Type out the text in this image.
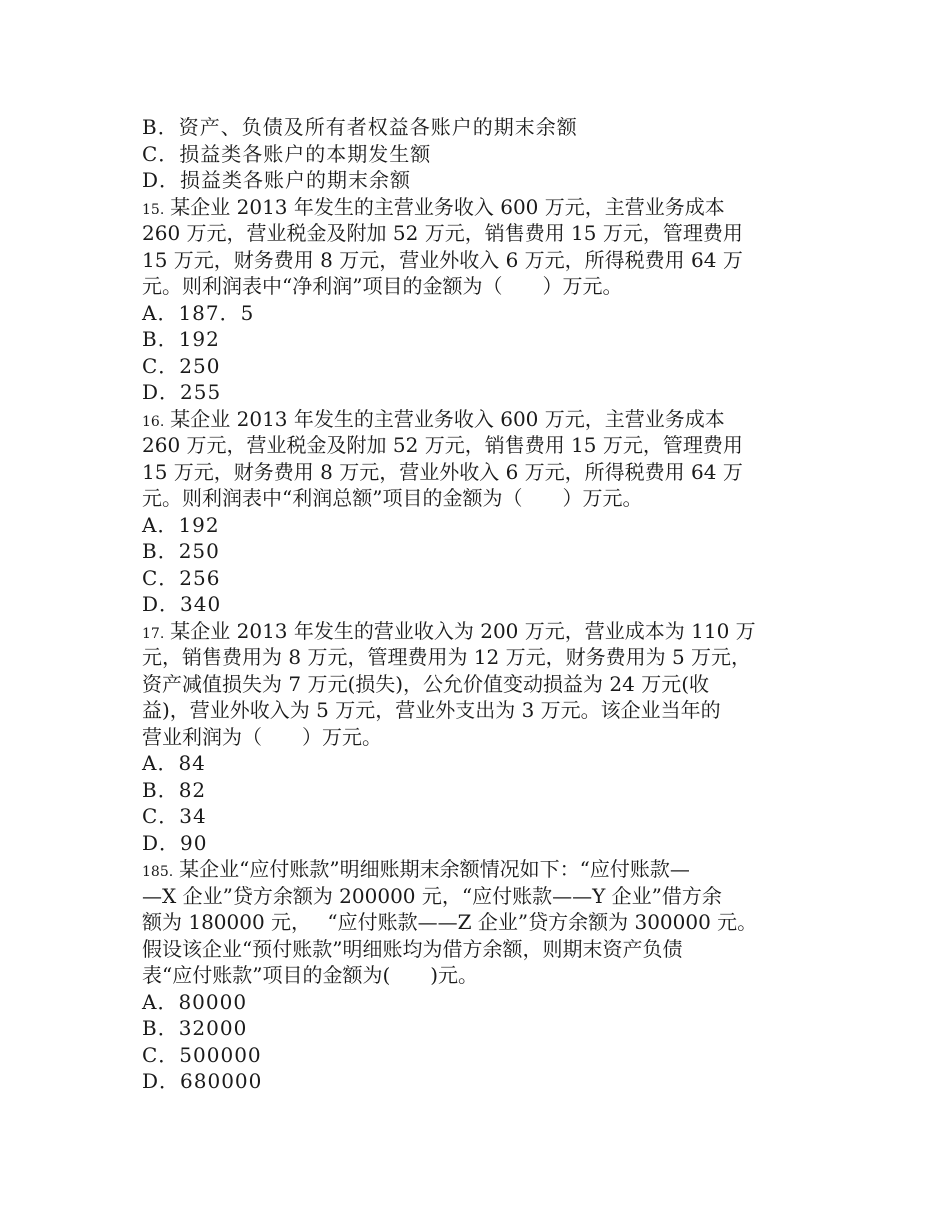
B．资产、负债及所有者权益各账户的期末余额
C．损益类各账户的本期发生额
D．损益类各账户的期末余额
15. 某企业 2013 年发生的主营业务收入 600 万元，主营业务成本
260 万元，营业税金及附加 52 万元，销售费用 15 万元，管理费用
15 万元，财务费用 8 万元，营业外收入 6 万元，所得税费用 64 万
元。则利润表中“净利润”项目的金额为（　　）万元。
A．187．5
B．192
C．250
D．255
16. 某企业 2013 年发生的主营业务收入 600 万元，主营业务成本
260 万元，营业税金及附加 52 万元，销售费用 15 万元，管理费用
15 万元，财务费用 8 万元，营业外收入 6 万元，所得税费用 64 万
元。则利润表中“利润总额”项目的金额为（　　）万元。
A．192
B．250
C．256
D．340
17. 某企业 2013 年发生的营业收入为 200 万元，营业成本为 110 万
元，销售费用为 8 万元，管理费用为 12 万元，财务费用为 5 万元，
资产减值损失为 7 万元(损失)，公允价值变动损益为 24 万元(收
益)，营业外收入为 5 万元，营业外支出为 3 万元。该企业当年的
营业利润为（　　）万元。
A．84
B．82
C．34
D．90
185. 某企业“应付账款”明细账期末余额情况如下：“应付账款—
—X 企业”贷方余额为 200000 元，“应付账款——Y 企业”借方余
额为 180000 元，　 “应付账款——Z 企业”贷方余额为 300000 元。
假设该企业“预付账款”明细账均为借方余额，则期末资产负债
表“应付账款”项目的金额为(　　)元。
A．80000
B．32000
C．500000
D．680000
